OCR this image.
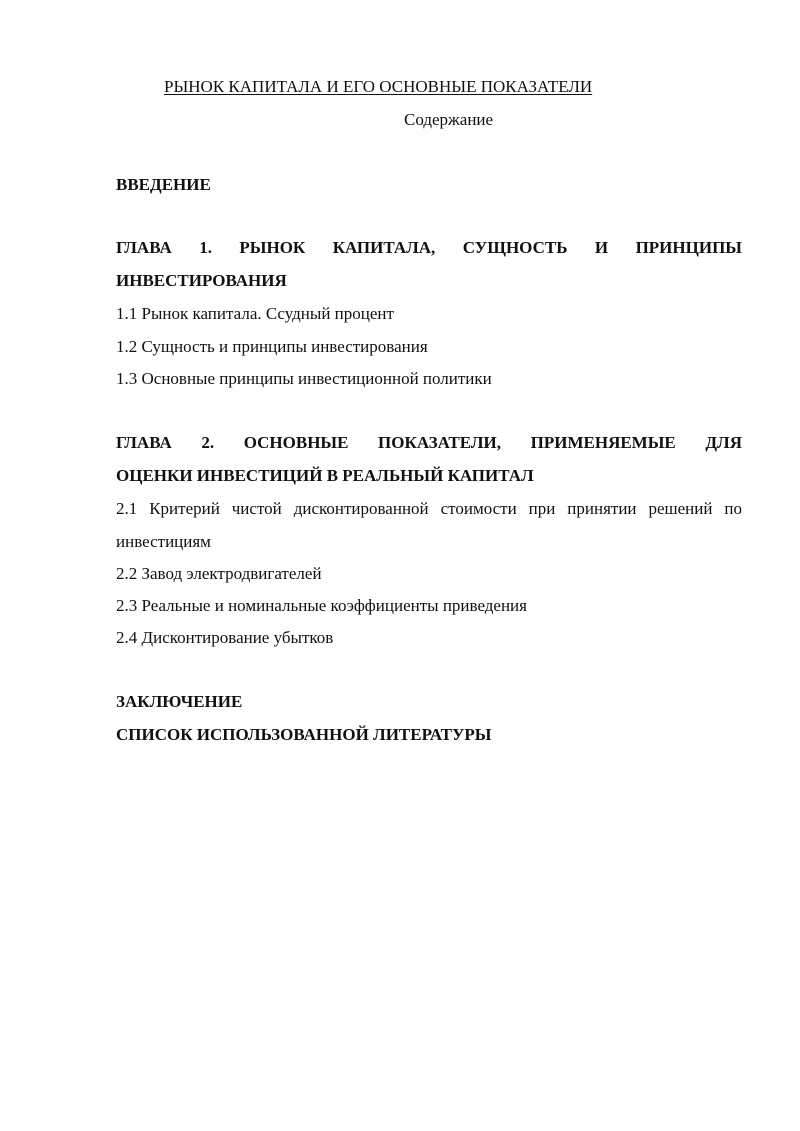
РЫНОК КАПИТАЛА И ЕГО ОСНОВНЫЕ ПОКАЗАТЕЛИ
Содержание
ВВЕДЕНИЕ
ГЛАВА 1. РЫНОК КАПИТАЛА, СУЩНОСТЬ И ПРИНЦИПЫ
ИНВЕСТИРОВАНИЯ
1.1 Рынок капитала. Ссудный процент
1.2 Сущность и принципы инвестирования
1.3 Основные принципы инвестиционной политики
ГЛАВА 2. ОСНОВНЫЕ ПОКАЗАТЕЛИ, ПРИМЕНЯЕМЫЕ ДЛЯ
ОЦЕНКИ ИНВЕСТИЦИЙ В РЕАЛЬНЫЙ КАПИТАЛ
2.1 Критерий чистой дисконтированной стоимости при принятии решений по
инвестициям
2.2 Завод электродвигателей
2.3 Реальные и номинальные коэффициенты приведения
2.4 Дисконтирование убытков
ЗАКЛЮЧЕНИЕ
СПИСОК ИСПОЛЬЗОВАННОЙ ЛИТЕРАТУРЫ
